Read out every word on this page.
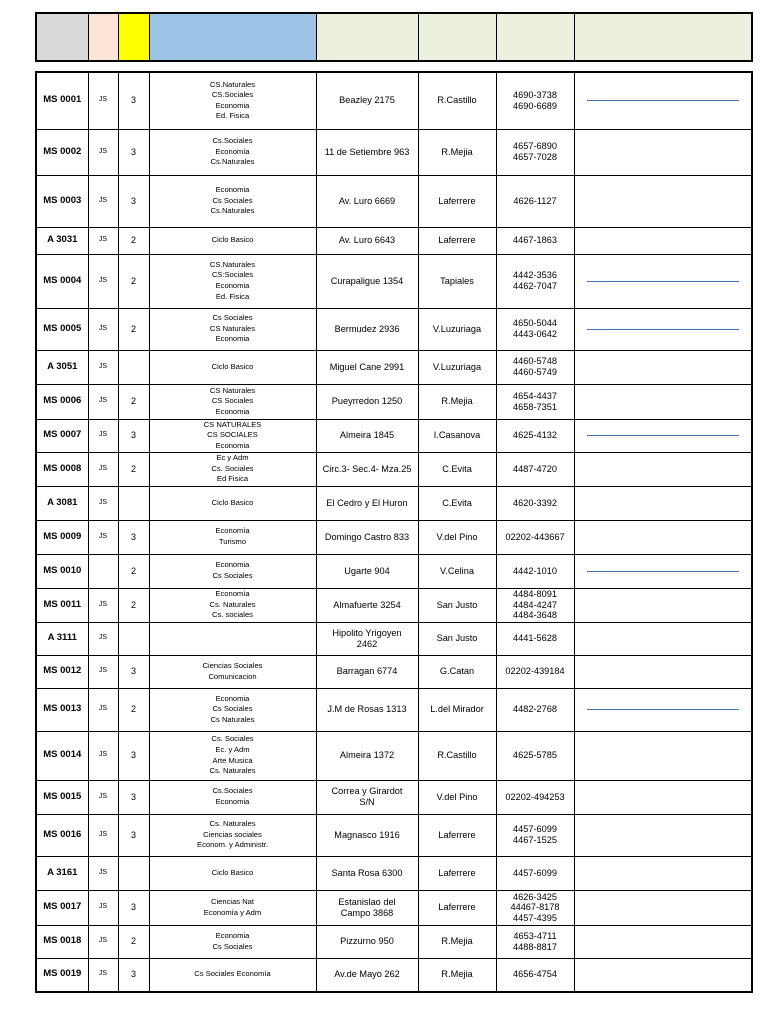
MS 0001	JS	3	CS.Naturales
CS.Sociales
Economia
Ed. Fisica	Beazley 2175	R.Castillo	4690-3738
4690-6689	

MS 0002	JS	3	Cs.Sociales
Economía
Cs.Naturales	11 de Setiembre 963	R.Mejia	4657-6890
4657-7028	

MS 0003	JS	3	Economia
Cs Sociales
Cs.Naturales	Av. Luro 6669	Laferrere	4626-1127	

A 3031	JS	2	Ciclo Basico	Av. Luro 6643	Laferrere	4467-1863	

MS 0004	JS	2	CS.Naturales
CS:Sociales
Economia
Ed. Fisica	Curapaligue 1354	Tapiales	4442-3536
4462-7047	

MS 0005	JS	2	Cs Sociales
CS Naturales
Economia	Bermudez 2936	V.Luzuriaga	4650-5044
4443-0642	

A 3051	JS		Ciclo Basico	Miguel Cane 2991	V.Luzuriaga	4460-5748
4460-5749	

MS 0006	JS	2	CS Naturales
CS Sociales
Economia	Pueyrredon 1250	R.Mejia	4654-4437
4658-7351	

MS 0007	JS	3	CS NATURALES
CS SOCIALES
Economia	Almeira 1845	I.Casanova	4625-4132	

MS 0008	JS	2	Ec y Adm
Cs. Sociales
Ed Fisica	Circ.3- Sec.4- Mza.25	C.Evita	4487-4720	

A 3081	JS		Ciclo Basico	El Cedro y El Huron	C.Evita	4620-3392	

MS 0009	JS	3	Economía
Turismo	Domingo Castro 833	V.del Pino	02202-443667	

MS 0010		2	Economia
Cs Sociales	Ugarte 904	V.Celina	4442-1010	

MS 0011	JS	2	Economía
Cs. Naturales
Cs. sociales	Almafuerte 3254	San Justo	4484-8091
4484-4247
4484-3648	

A 3111	JS			Hipolito Yrigoyen
2462	San Justo	4441-5628	

MS 0012	JS	3	Ciencias Sociales
Comunicacion	Barragan 6774	G.Catan	02202-439184	

MS 0013	JS	2	Economia
Cs Sociales
Cs Naturales	J.M de Rosas 1313	L.del Mirador	4482-2768	

MS 0014	JS	3	Cs. Sociales
Ec. y Adm
Arte Musica
Cs. Naturales	Almeira 1372	R.Castillo	4625-5785	

MS 0015	JS	3	Cs.Sociales
Economia	Correa y Girardot
S/N	V.del Pino	02202-494253	

MS 0016	JS	3	Cs. Naturales
Ciencias sociales
Econom. y Administr.	Magnasco 1916	Laferrere	4457-6099
4467-1525	

A 3161	JS		Ciclo Basico	Santa Rosa 6300	Laferrere	4457-6099	

MS 0017	JS	3	Ciencias Nat
Economía y Adm	Estanislao del
Campo 3868	Laferrere	4626-3425
44467-8178
4457-4395	

MS 0018	JS	2	Economia
Cs Sociales	Pizzurno 950	R.Mejia	4653-4711
4488-8817	

MS 0019	JS	3	Cs Sociales Economía	Av.de Mayo 262	R.Mejia	4656-4754	
